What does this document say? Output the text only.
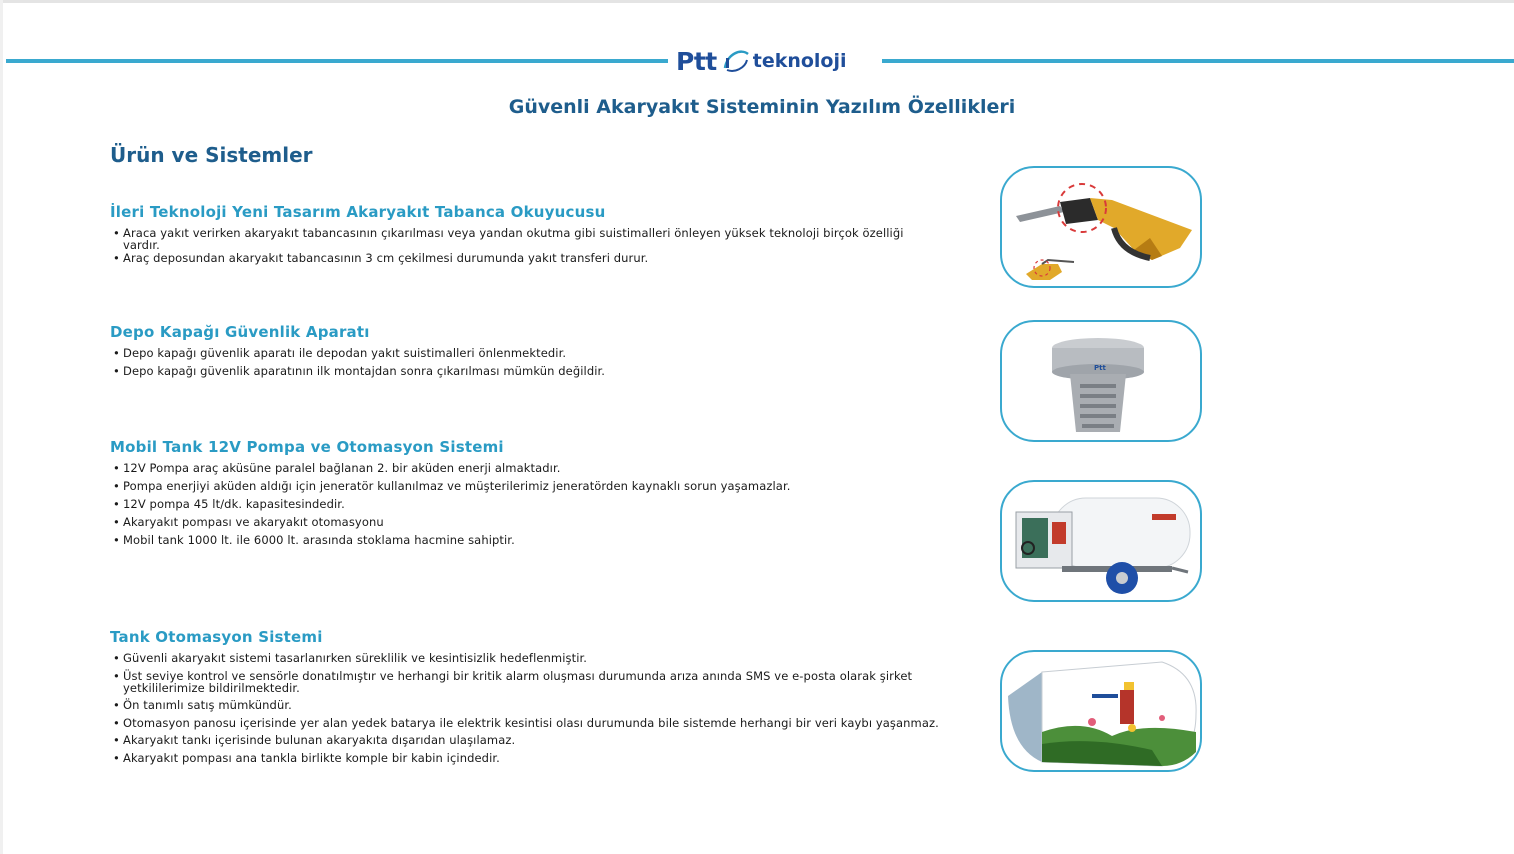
Ptt teknoloji
Güvenli Akaryakıt Sisteminin Yazılım Özellikleri
Ürün ve Sistemler
İleri Teknoloji Yeni Tasarım Akaryakıt Tabanca Okuyucusu
• Araca yakıt verirken akaryakıt tabancasının çıkarılması veya yandan okutma gibi suistimalleri önleyen yüksek teknoloji birçok özelliği vardır.
• Araç deposundan akaryakıt tabancasının 3 cm çekilmesi durumunda yakıt transferi durur.
Depo Kapağı Güvenlik Aparatı
• Depo kapağı güvenlik aparatı ile depodan yakıt suistimalleri önlenmektedir.
• Depo kapağı güvenlik aparatının ilk montajdan sonra çıkarılması mümkün değildir.
Mobil Tank 12V Pompa ve Otomasyon Sistemi
• 12V Pompa araç aküsüne paralel bağlanan 2. bir aküden enerji almaktadır.
• Pompa enerjiyi aküden aldığı için jeneratör kullanılmaz ve müşterilerimiz jeneratörden kaynaklı sorun yaşamazlar.
• 12V pompa 45 lt/dk. kapasitesindedir.
• Akaryakıt pompası ve akaryakıt otomasyonu
• Mobil tank 1000 lt. ile 6000 lt. arasında stoklama hacmine sahiptir.
Tank Otomasyon Sistemi
• Güvenli akaryakıt sistemi tasarlanırken süreklilik ve kesintisizlik hedeflenmiştir.
• Üst seviye kontrol ve sensörle donatılmıştır ve herhangi bir kritik alarm oluşması durumunda arıza anında SMS ve e-posta olarak şirket yetkililerimize bildirilmektedir.
• Ön tanımlı satış mümkündür.
• Otomasyon panosu içerisinde yer alan yedek batarya ile elektrik kesintisi olası durumunda bile sistemde herhangi bir veri kaybı yaşanmaz.
• Akaryakıt tankı içerisinde bulunan akaryakıta dışarıdan ulaşılamaz.
• Akaryakıt pompası ana tankla birlikte komple bir kabin içindedir.
Ptt
